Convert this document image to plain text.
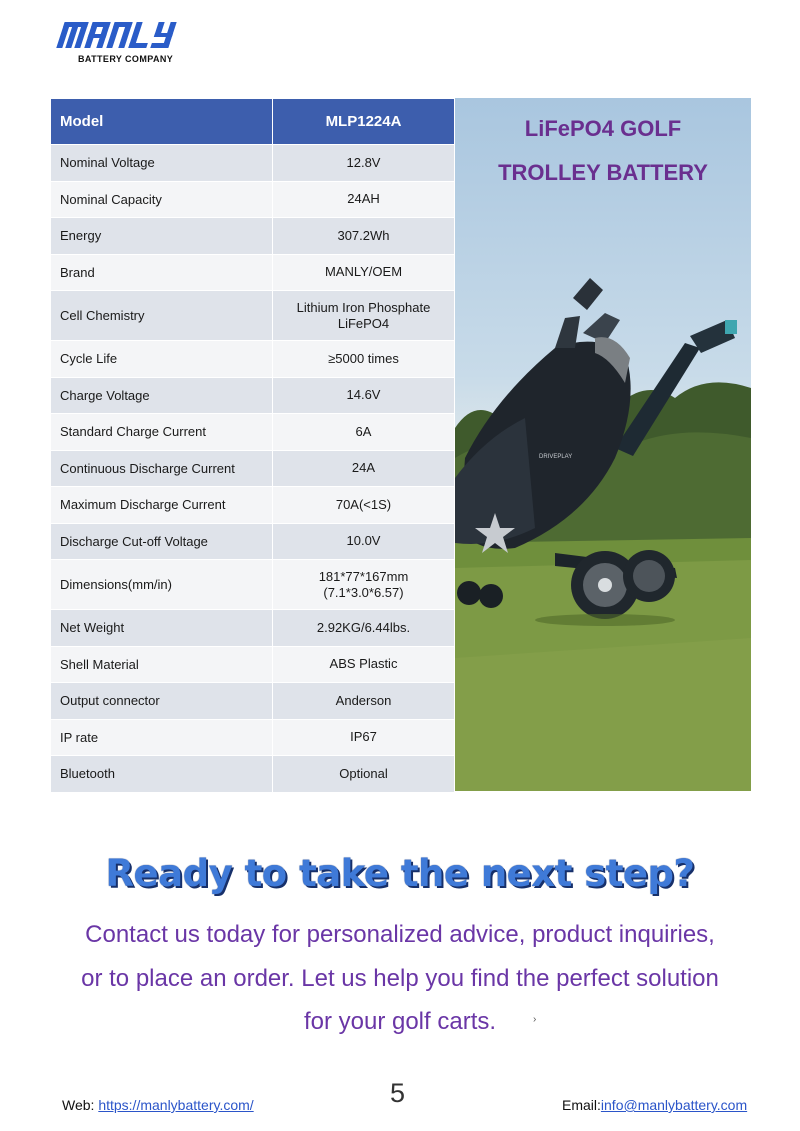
MANLY
BATTERY COMPANY
Model	MLP1224A
Nominal Voltage	12.8V
Nominal Capacity	24AH
Energy	307.2Wh
Brand	MANLY/OEM
Cell Chemistry	Lithium Iron Phosphate
LiFePO4

Cycle Life	≥5000 times
Charge Voltage	14.6V
Standard Charge Current	6A
Continuous Discharge Current	24A
Maximum Discharge Current	70A(<1S)
Discharge Cut-off Voltage	10.0V
Dimensions(mm/in)	181*77*167mm
(7.1*3.0*6.57)

Net Weight	2.92KG/6.44lbs.
Shell Material	ABS Plastic
Output connector	Anderson
IP rate	IP67
Bluetooth	Optional
DRIVEPLAY
LiFePO4 GOLF
TROLLEY BATTERY
Ready to take the next step?
Contact us today for personalized advice, product inquiries,
or to place an order. Let us help you find the perfect solution
for your golf carts.	›
Web: https://manlybattery.com/	5	Email:info@manlybattery.com
